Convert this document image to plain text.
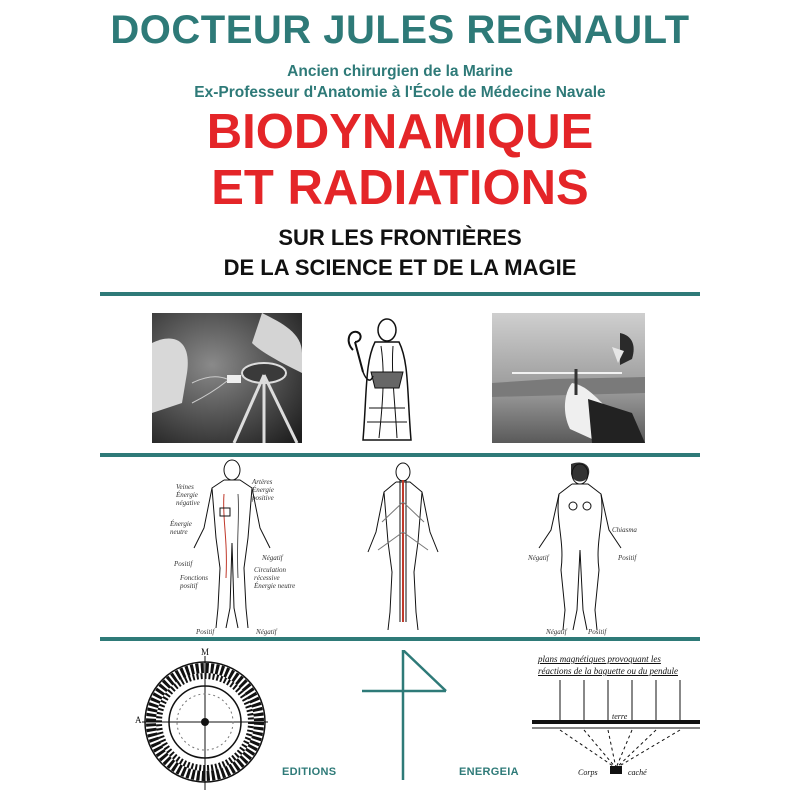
DOCTEUR JULES REGNAULT
Ancien chirurgien de la Marine
Ex-Professeur d'Anatomie à l'École de Médecine Navale
BIODYNAMIQUE
ET RADIATIONS
SUR LES FRONTIÈRES
DE LA SCIENCE ET DE LA MAGIE
Veines
Énergie
négative
Artères
Énergie
positive
Énergie
neutre
Positif
Négatif
Fonctions
positif
Circulation
récessive
Énergie neutre
Positif	Négatif
Chiasma
Négatif	Positif
Négatif	Positif
M
A
EDITIONS	ENERGEIA
plans magnétiques provoquant les
réactions de la baguette ou du pendule
terre
Corps	caché
